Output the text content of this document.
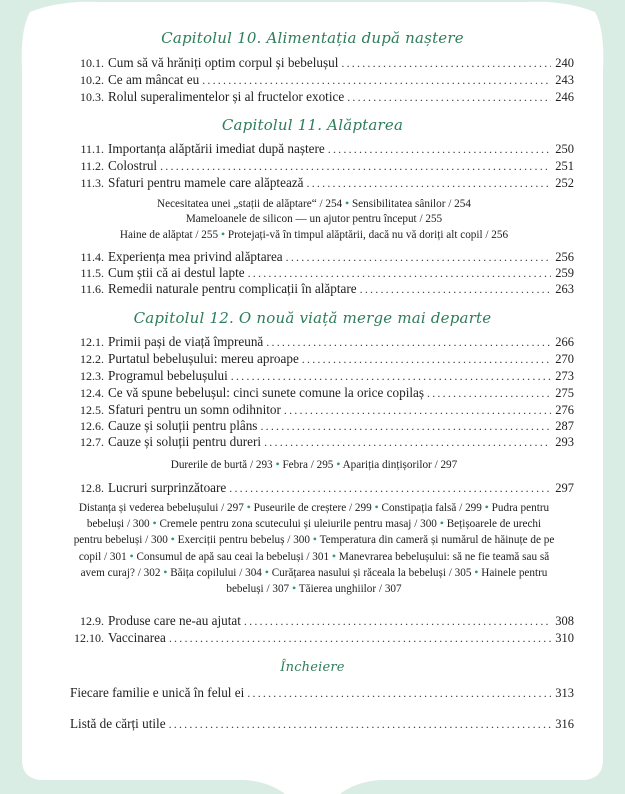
Capitolul 10. Alimentația după naștere
10.1. Cum să vă hrăniți optim corpul și bebelușul . . .	240
10.2. Ce am mâncat eu . . .	243
10.3. Rolul superalimentelor și al fructelor exotice . . .	246
Capitolul 11. Alăptarea
11.1. Importanța alăptării imediat după naștere . . .	250
11.2. Colostrul . . .	251
11.3. Sfaturi pentru mamele care alăptează . . .	252
Necesitatea unei „stații de alăptare“ / 254 • Sensibilitatea sânilor / 254
Mameloanele de silicon — un ajutor pentru început / 255
Haine de alăptat / 255 • Protejați-vă în timpul alăptării, dacă nu vă doriți alt copil / 256
11.4. Experiența mea privind alăptarea . . .	256
11.5. Cum știi că ai destul lapte . . .	259
11.6. Remedii naturale pentru complicații în alăptare . . .	263
Capitolul 12. O nouă viață merge mai departe
12.1. Primii pași de viață împreună . . .	266
12.2. Purtatul bebelușului: mereu aproape . . .	270
12.3. Programul bebelușului . . .	273
12.4. Ce vă spune bebelușul: cinci sunete comune la orice copilaș . . .	275
12.5. Sfaturi pentru un somn odihnitor . . .	276
12.6. Cauze și soluții pentru plâns . . .	287
12.7. Cauze și soluții pentru dureri . . .	293
Durerile de burtă / 293 • Febra / 295 • Apariția dințișorilor / 297
12.8. Lucruri surprinzătoare . . .	297
Distanța și vederea bebelușului / 297 • Puseurile de creștere / 299 • Constipația falsă / 299 • Pudra pentru bebeluși / 300 • Cremele pentru zona scutecului și uleiurile pentru masaj / 300 • Bețișoarele de urechi pentru bebeluși / 300 • Exerciții pentru bebeluș / 300 • Temperatura din cameră și numărul de hăinuțe de pe copil / 301 • Consumul de apă sau ceai la bebeluși / 301 • Manevrarea bebelușului: să ne fie teamă sau să avem curaj? / 302 • Băița copilului / 304 • Curățarea nasului și răceala la bebeluși / 305 • Hainele pentru bebeluși / 307 • Tăierea unghiilor / 307
12.9. Produse care ne-au ajutat . . .	308
12.10. Vaccinarea . . .	310
Încheiere
Fiecare familie e unică în felul ei . . .	313
Listă de cărți utile . . .	316
